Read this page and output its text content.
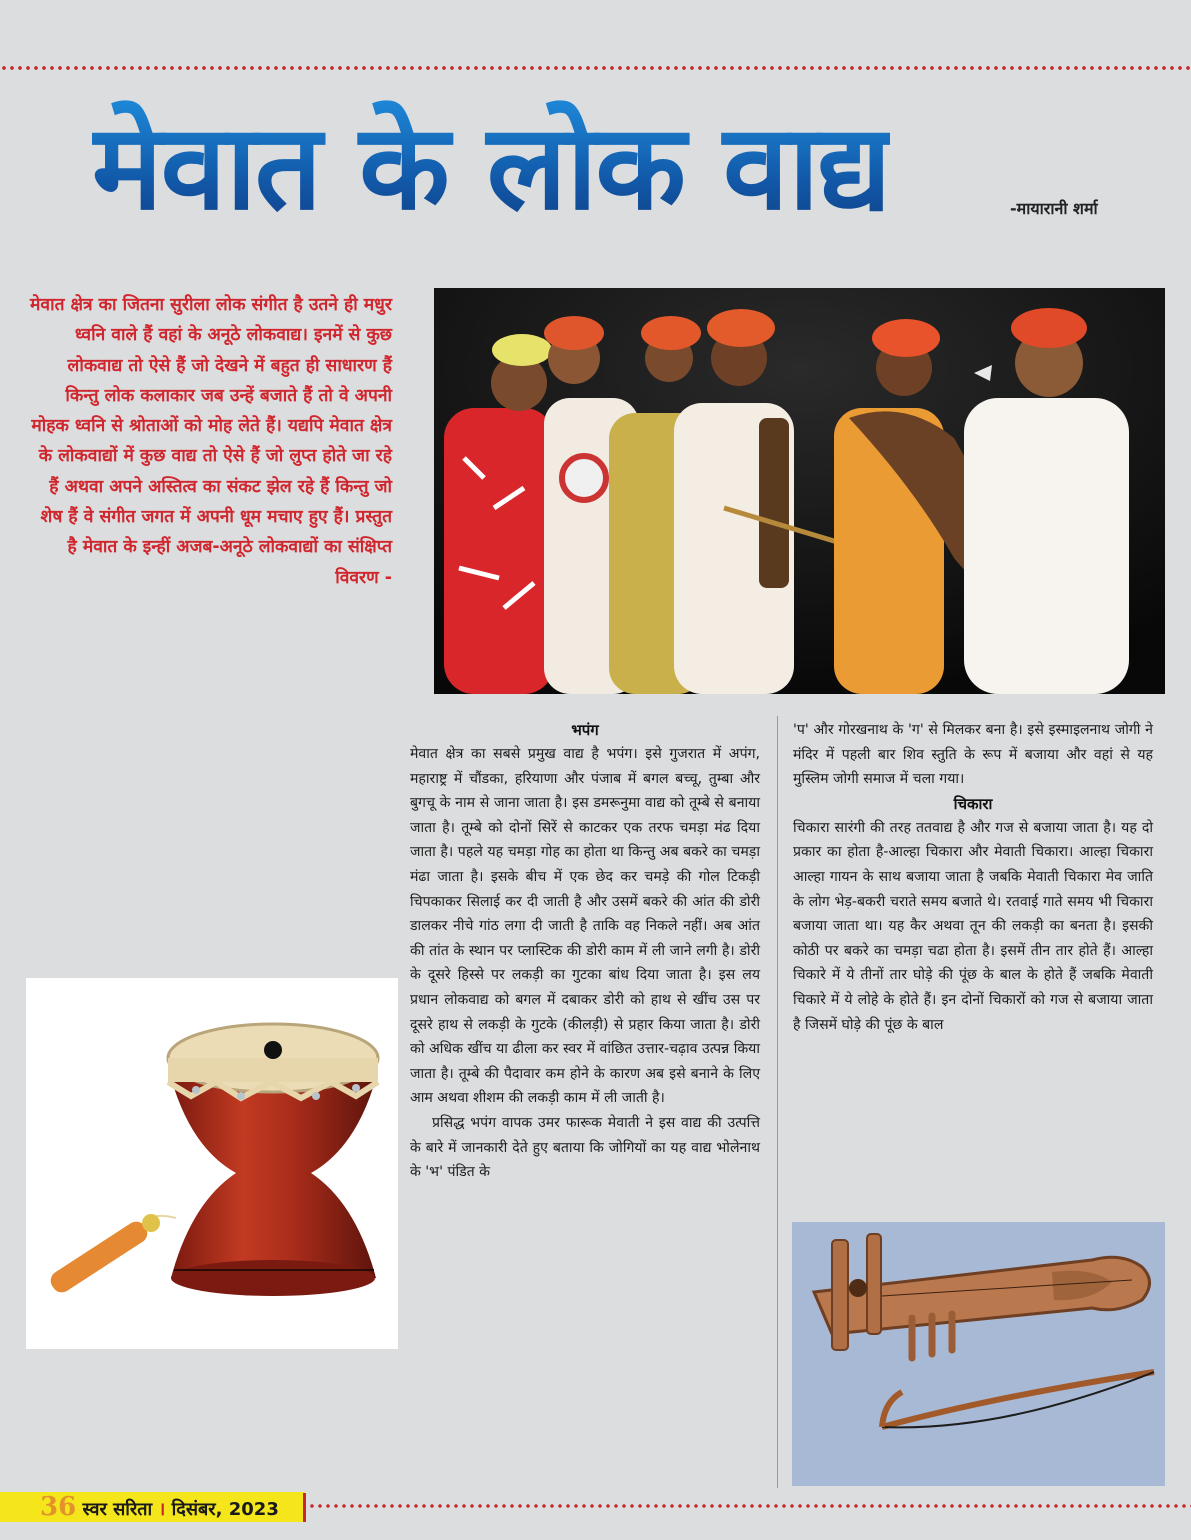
मेवात के लोक वाद्य	-मायारानी शर्मा
मेवात क्षेत्र का जितना सुरीला लोक संगीत है उतने ही मधुर ध्वनि वाले हैं वहां के अनूठे लोकवाद्य। इनमें से कुछ लोकवाद्य तो ऐसे हैं जो देखने में बहुत ही साधारण हैं किन्तु लोक कलाकार जब उन्हें बजाते हैं तो वे अपनी मोहक ध्वनि से श्रोताओं को मोह लेते हैं। यद्यपि मेवात क्षेत्र के लोकवाद्यों में कुछ वाद्य तो ऐसे हैं जो लुप्त होते जा रहे हैं अथवा अपने अस्तित्व का संकट झेल रहे हैं किन्तु जो शेष हैं वे संगीत जगत में अपनी धूम मचाए हुए हैं। प्रस्तुत है मेवात के इन्हीं अजब-अनूठे लोकवाद्यों का संक्षिप्त विवरण -
भपंग

मेवात क्षेत्र का सबसे प्रमुख वाद्य है भपंग। इसे गुजरात में अपंग, महाराष्ट्र में चौंडका, हरियाणा और पंजाब में बगल बच्चू, तुम्बा और बुगचू के नाम से जाना जाता है। इस डमरूनुमा वाद्य को तूम्बे से बनाया जाता है। तूम्बे को दोनों सिरें से काटकर एक तरफ चमड़ा मंढ दिया जाता है। पहले यह चमड़ा गोह का होता था किन्तु अब बकरे का चमड़ा मंढा जाता है। इसके बीच में एक छेद कर चमड़े की गोल टिकड़ी चिपकाकर सिलाई कर दी जाती है और उसमें बकरे की आंत की डोरी डालकर नीचे गांठ लगा दी जाती है ताकि वह निकले नहीं। अब आंत की तांत के स्थान पर प्लास्टिक की डोरी काम में ली जाने लगी है। डोरी के दूसरे हिस्से पर लकड़ी का गुटका बांध दिया जाता है। इस लय प्रधान लोकवाद्य को बगल में दबाकर डोरी को हाथ से खींच उस पर दूसरे हाथ से लकड़ी के गुटके (कीलड़ी) से प्रहार किया जाता है। डोरी को अधिक खींच या ढीला कर स्वर में वांछित उत्तार-चढ़ाव उत्पन्न किया जाता है। तूम्बे की पैदावार कम होने के कारण अब इसे बनाने के लिए आम अथवा शीशम की लकड़ी काम में ली जाती है।

प्रसिद्ध भपंग वापक उमर फारूक मेवाती ने इस वाद्य की उत्पत्ति के बारे में जानकारी देते हुए बताया कि जोगियों का यह वाद्य भोलेनाथ के 'भ' पंडित के

'प' और गोरखनाथ के 'ग' से मिलकर बना है। इसे इस्माइलनाथ जोगी ने मंदिर में पहली बार शिव स्तुति के रूप में बजाया और वहां से यह मुस्लिम जोगी समाज में चला गया।

चिकारा

चिकारा सारंगी की तरह ततवाद्य है और गज से बजाया जाता है। यह दो प्रकार का होता है-आल्हा चिकारा और मेवाती चिकारा। आल्हा चिकारा आल्हा गायन के साथ बजाया जाता है जबकि मेवाती चिकारा मेव जाति के लोग भेड़-बकरी चराते समय बजाते थे। रतवाई गाते समय भी चिकारा बजाया जाता था। यह कैर अथवा तून की लकड़ी का बनता है। इसकी कोठी पर बकरे का चमड़ा चढा होता है। इसमें तीन तार होते हैं। आल्हा चिकारे में ये तीनों तार घोड़े की पूंछ के बाल के होते हैं जबकि मेवाती चिकारे में ये लोहे के होते हैं। इन दोनों चिकारों को गज से बजाया जाता है जिसमें घोड़े की पूंछ के बाल

36 स्वर सरिता । दिसंबर, 2023
